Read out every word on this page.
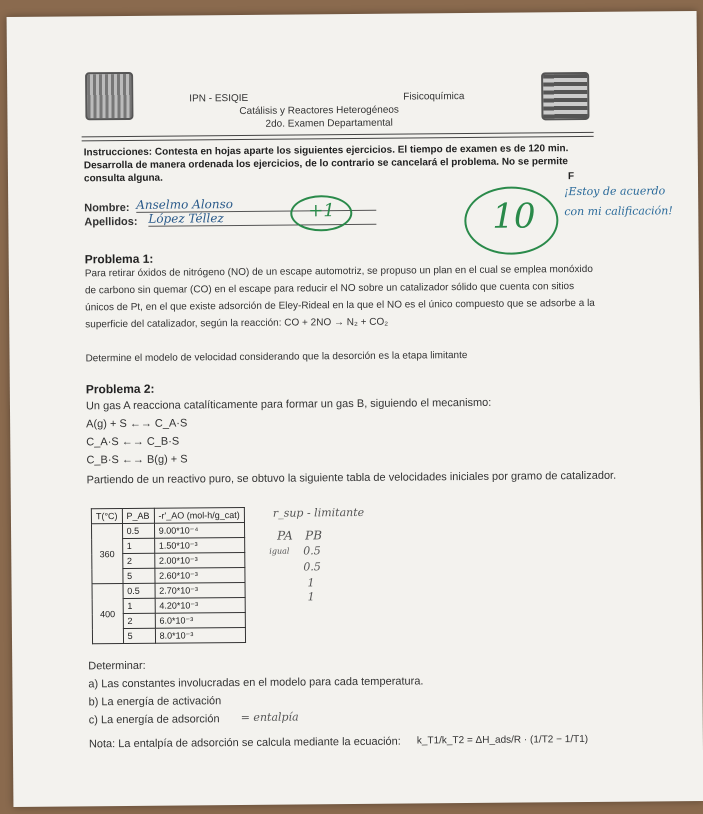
IPN - ESIQIE	Fisicoquímica
Catálisis y Reactores Heterogéneos
2do. Examen Departamental
Instrucciones: Contesta en hojas aparte los siguientes ejercicios. El tiempo de examen es de 120 min. Desarrolla de manera ordenada los ejercicios, de lo contrario se cancelará el problema. No se permite consulta alguna.	F
Nombre: Anselmo Alonso
Apellidos: López Téllez	+1	10
¡Estoy de acuerdo con mi calificación!
Problema 1:
Para retirar óxidos de nitrógeno (NO) de un escape automotriz, se propuso un plan en el cual se emplea monóxido de carbono sin quemar (CO) en el escape para reducir el NO sobre un catalizador sólido que cuenta con sitios únicos de Pt, en el que existe adsorción de Eley-Rideal en la que el NO es el único compuesto que se adsorbe a la superficie del catalizador, según la reacción: CO + 2NO → N₂ + CO₂
Determine el modelo de velocidad considerando que la desorción es la etapa limitante
Problema 2:
Un gas A reacciona catalíticamente para formar un gas B, siguiendo el mecanismo:
A(g) + S ←→ C_A·S
C_A·S ←→ C_B·S
C_B·S ←→ B(g) + S
Partiendo de un reactivo puro, se obtuvo la siguiente tabla de velocidades iniciales por gramo de catalizador.
T(°C)	P_AB	-r'_AO (mol-h/g_cat)
360	0.5	9.00*10⁻⁴
	1	1.50*10⁻³
	2	2.00*10⁻³
	5	2.60*10⁻³
400	0.5	2.70*10⁻³
	1	4.20*10⁻³
	2	6.0*10⁻³
	5	8.0*10⁻³
r_sup - limitante
PA PB
igual 0.5
0.5
1
1
Determinar:
a) Las constantes involucradas en el modelo para cada temperatura.
b) La energía de activación
c) La energía de adsorción = entalpía
Nota: La entalpía de adsorción se calcula mediante la ecuación: k_T1/k_T2 = ΔH_ads/R · (1/T2 − 1/T1)
